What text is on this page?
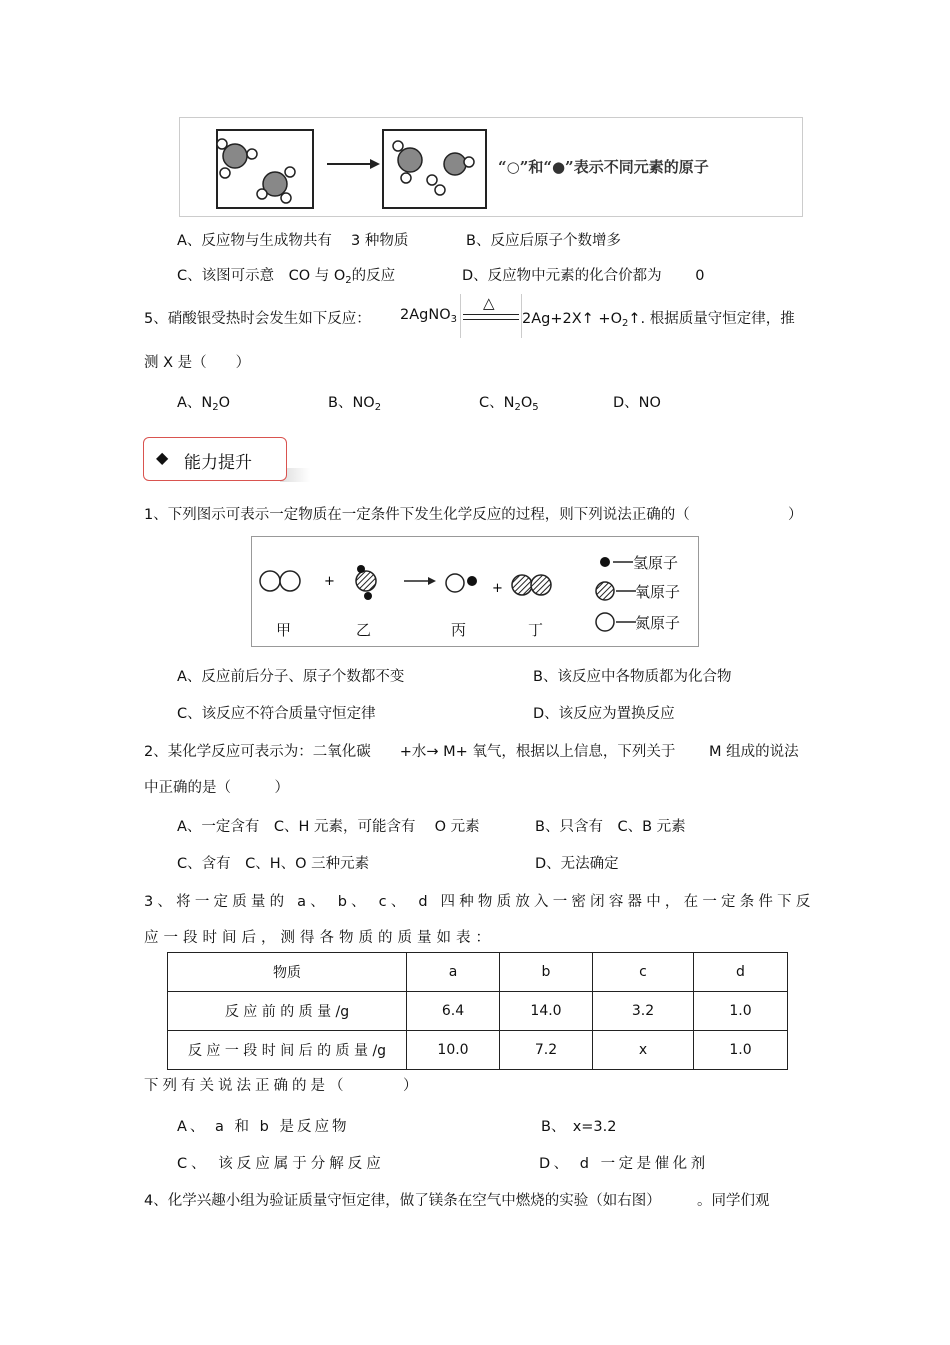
“○”和“●”表示不同元素的原子
A、反应物与生成物共有　 3 种物质	B、反应后原子个数增多
C、该图可示意　CO 与 $O_2$的反应	D、反应物中元素的化合价都为　　 0
5、硝酸银受热时会发生如下反应： 2AgNO$_3$
△
2Ag+2X↑ $+O_2↑$. 根据质量守恒定律，推
测 X 是（　　）
A、$N_2O$	B、$NO_2$	C、$N_2O_5$	D、NO
◆ 能力提升
1、下列图示可表示一定物质在一定条件下发生化学反应的过程，则下列说法正确的（	）
+	+
甲	乙	丙	丁
氢原子
氧原子
氮原子
A、反应前后分子、原子个数都不变	B、该反应中各物质都为化合物
C、该反应不符合质量守恒定律	D、该反应为置换反应
2、某化学反应可表示为：二氧化碳　　+水→ M+ 氧气，根据以上信息，下列关于　　 M 组成的说法
中正确的是（　　　）
A、一定含有　C、H 元素，可能含有　 O 元素	B、只含有　C、B 元素
C、含有　C、H、O 三种元素	D、无法确定
3、将一定质量的 a、 b、 c、 d 四种物质放入一密闭容器中，在一定条件下反
应一段时间后，测得各物质的质量如表：
物质	a	b	c	d
反 应 前 的 质 量 /g	6.4	14.0	3.2	1.0
反 应 一 段 时 间 后 的 质 量 /g	10.0	7.2	x	1.0
下列有关说法正确的是（　　　）
A、 a 和 b 是反应物	B、　x=3.2
C、 该反应属于分解反应	D、 d 一定是催化剂
4、化学兴趣小组为验证质量守恒定律，做了镁条在空气中燃烧的实验（如右图）　　　。同学们观
